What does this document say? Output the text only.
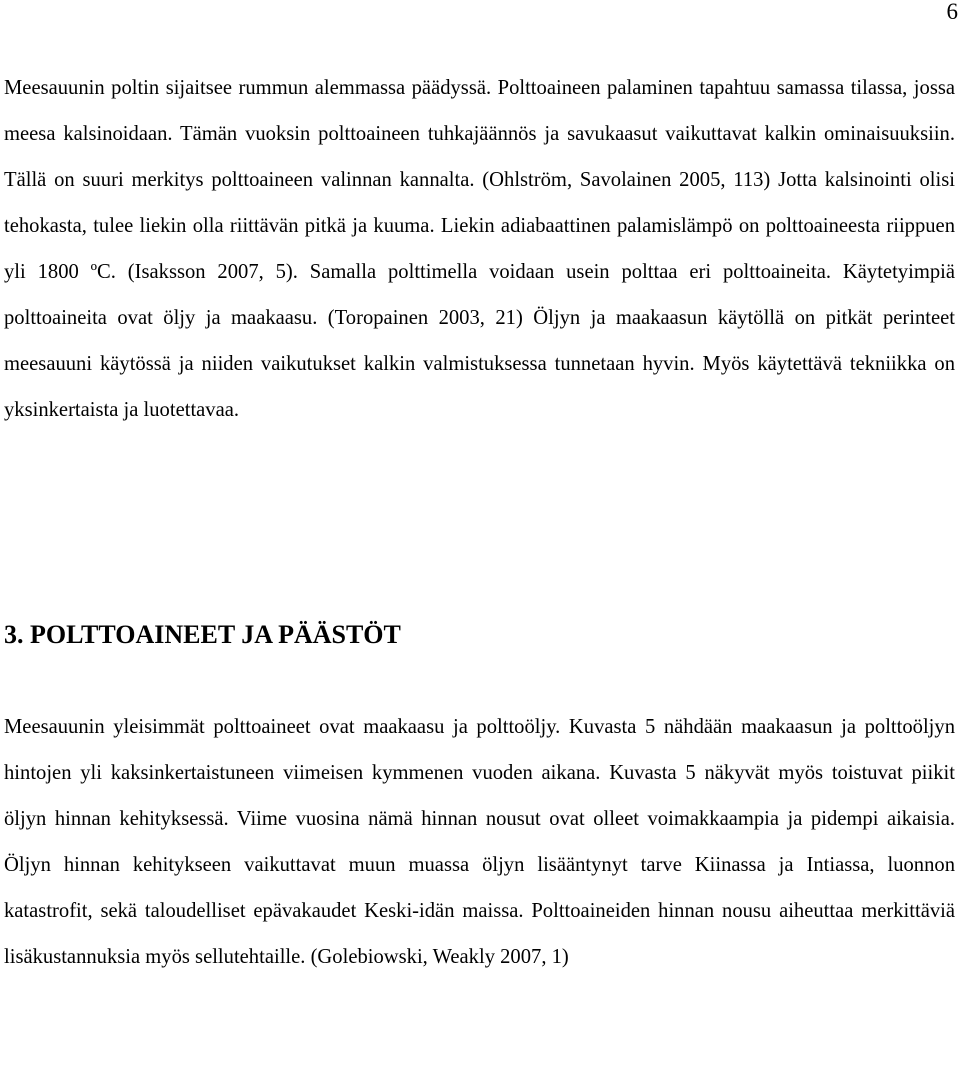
6

Meesauunin poltin sijaitsee rummun alemmassa päädyssä. Polttoaineen palaminen tapahtuu samassa tilassa, jossa meesa kalsinoidaan. Tämän vuoksin polttoaineen tuhkajäännös ja savukaasut vaikuttavat kalkin ominaisuuksiin. Tällä on suuri merkitys polttoaineen valinnan kannalta. (Ohlström, Savolainen 2005, 113) Jotta kalsinointi olisi tehokasta, tulee liekin olla riittävän pitkä ja kuuma. Liekin adiabaattinen palamislämpö on polttoaineesta riippuen yli 1800 ºC. (Isaksson 2007, 5). Samalla polttimella voidaan usein polttaa eri polttoaineita. Käytetyimpiä polttoaineita ovat öljy ja maakaasu. (Toropainen 2003, 21) Öljyn ja maakaasun käytöllä on pitkät perinteet meesauuni käytössä ja niiden vaikutukset kalkin valmistuksessa tunnetaan hyvin. Myös käytettävä tekniikka on yksinkertaista ja luotettavaa.

3. POLTTOAINEET JA PÄÄSTÖT

Meesauunin yleisimmät polttoaineet ovat maakaasu ja polttoöljy. Kuvasta 5 nähdään maakaasun ja polttoöljyn hintojen yli kaksinkertaistuneen viimeisen kymmenen vuoden aikana. Kuvasta 5 näkyvät myös toistuvat piikit öljyn hinnan kehityksessä. Viime vuosina nämä hinnan nousut ovat olleet voimakkaampia ja pidempi aikaisia. Öljyn hinnan kehitykseen vaikuttavat muun muassa öljyn lisääntynyt tarve Kiinassa ja Intiassa, luonnon katastrofit, sekä taloudelliset epävakaudet Keski-idän maissa. Polttoaineiden hinnan nousu aiheuttaa merkittäviä lisäkustannuksia myös sellutehtaille. (Golebiowski, Weakly 2007, 1)
